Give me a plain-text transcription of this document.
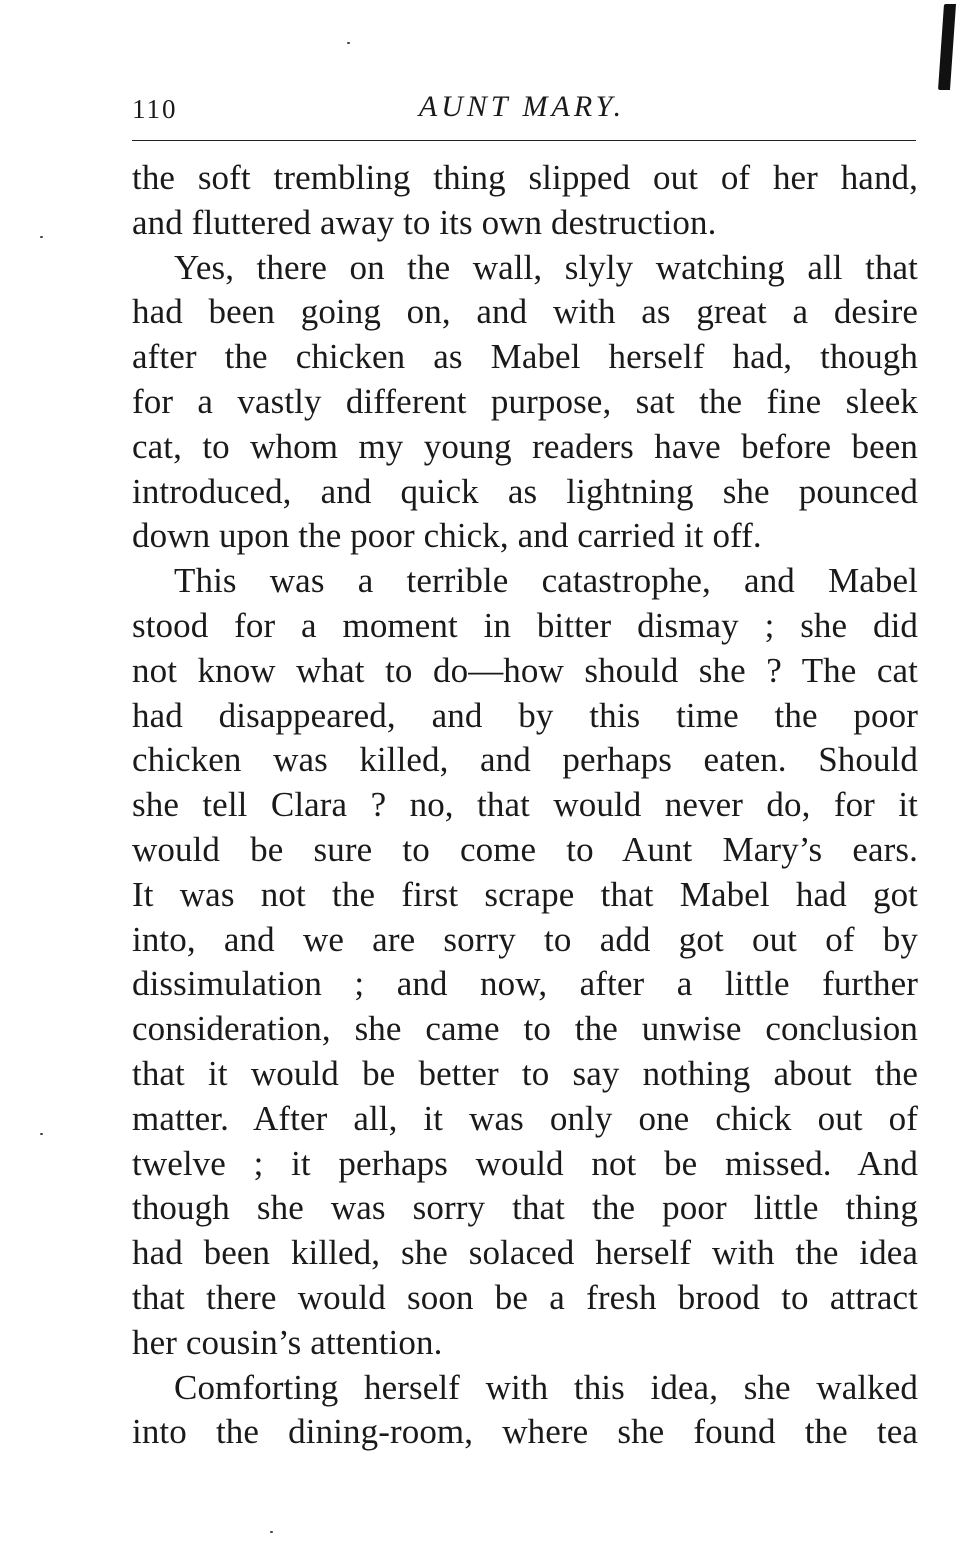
110	AUNT MARY.
the soft trembling thing slipped out of her hand,
and fluttered away to its own destruction.
Yes, there on the wall, slyly watching all that
had been going on, and with as great a desire
after the chicken as Mabel herself had, though
for a vastly different purpose, sat the fine sleek
cat, to whom my young readers have before been
introduced, and quick as lightning she pounced
down upon the poor chick, and carried it off.
This was a terrible catastrophe, and Mabel
stood for a moment in bitter dismay ; she did
not know what to do—how should she ? The cat
had disappeared, and by this time the poor
chicken was killed, and perhaps eaten. Should
she tell Clara ? no, that would never do, for it
would be sure to come to Aunt Mary’s ears.
It was not the first scrape that Mabel had got
into, and we are sorry to add got out of by
dissimulation ; and now, after a little further
consideration, she came to the unwise conclusion
that it would be better to say nothing about the
matter. After all, it was only one chick out of
twelve ; it perhaps would not be missed. And
though she was sorry that the poor little thing
had been killed, she solaced herself with the idea
that there would soon be a fresh brood to attract
her cousin’s attention.
Comforting herself with this idea, she walked
into the dining-room, where she found the tea
